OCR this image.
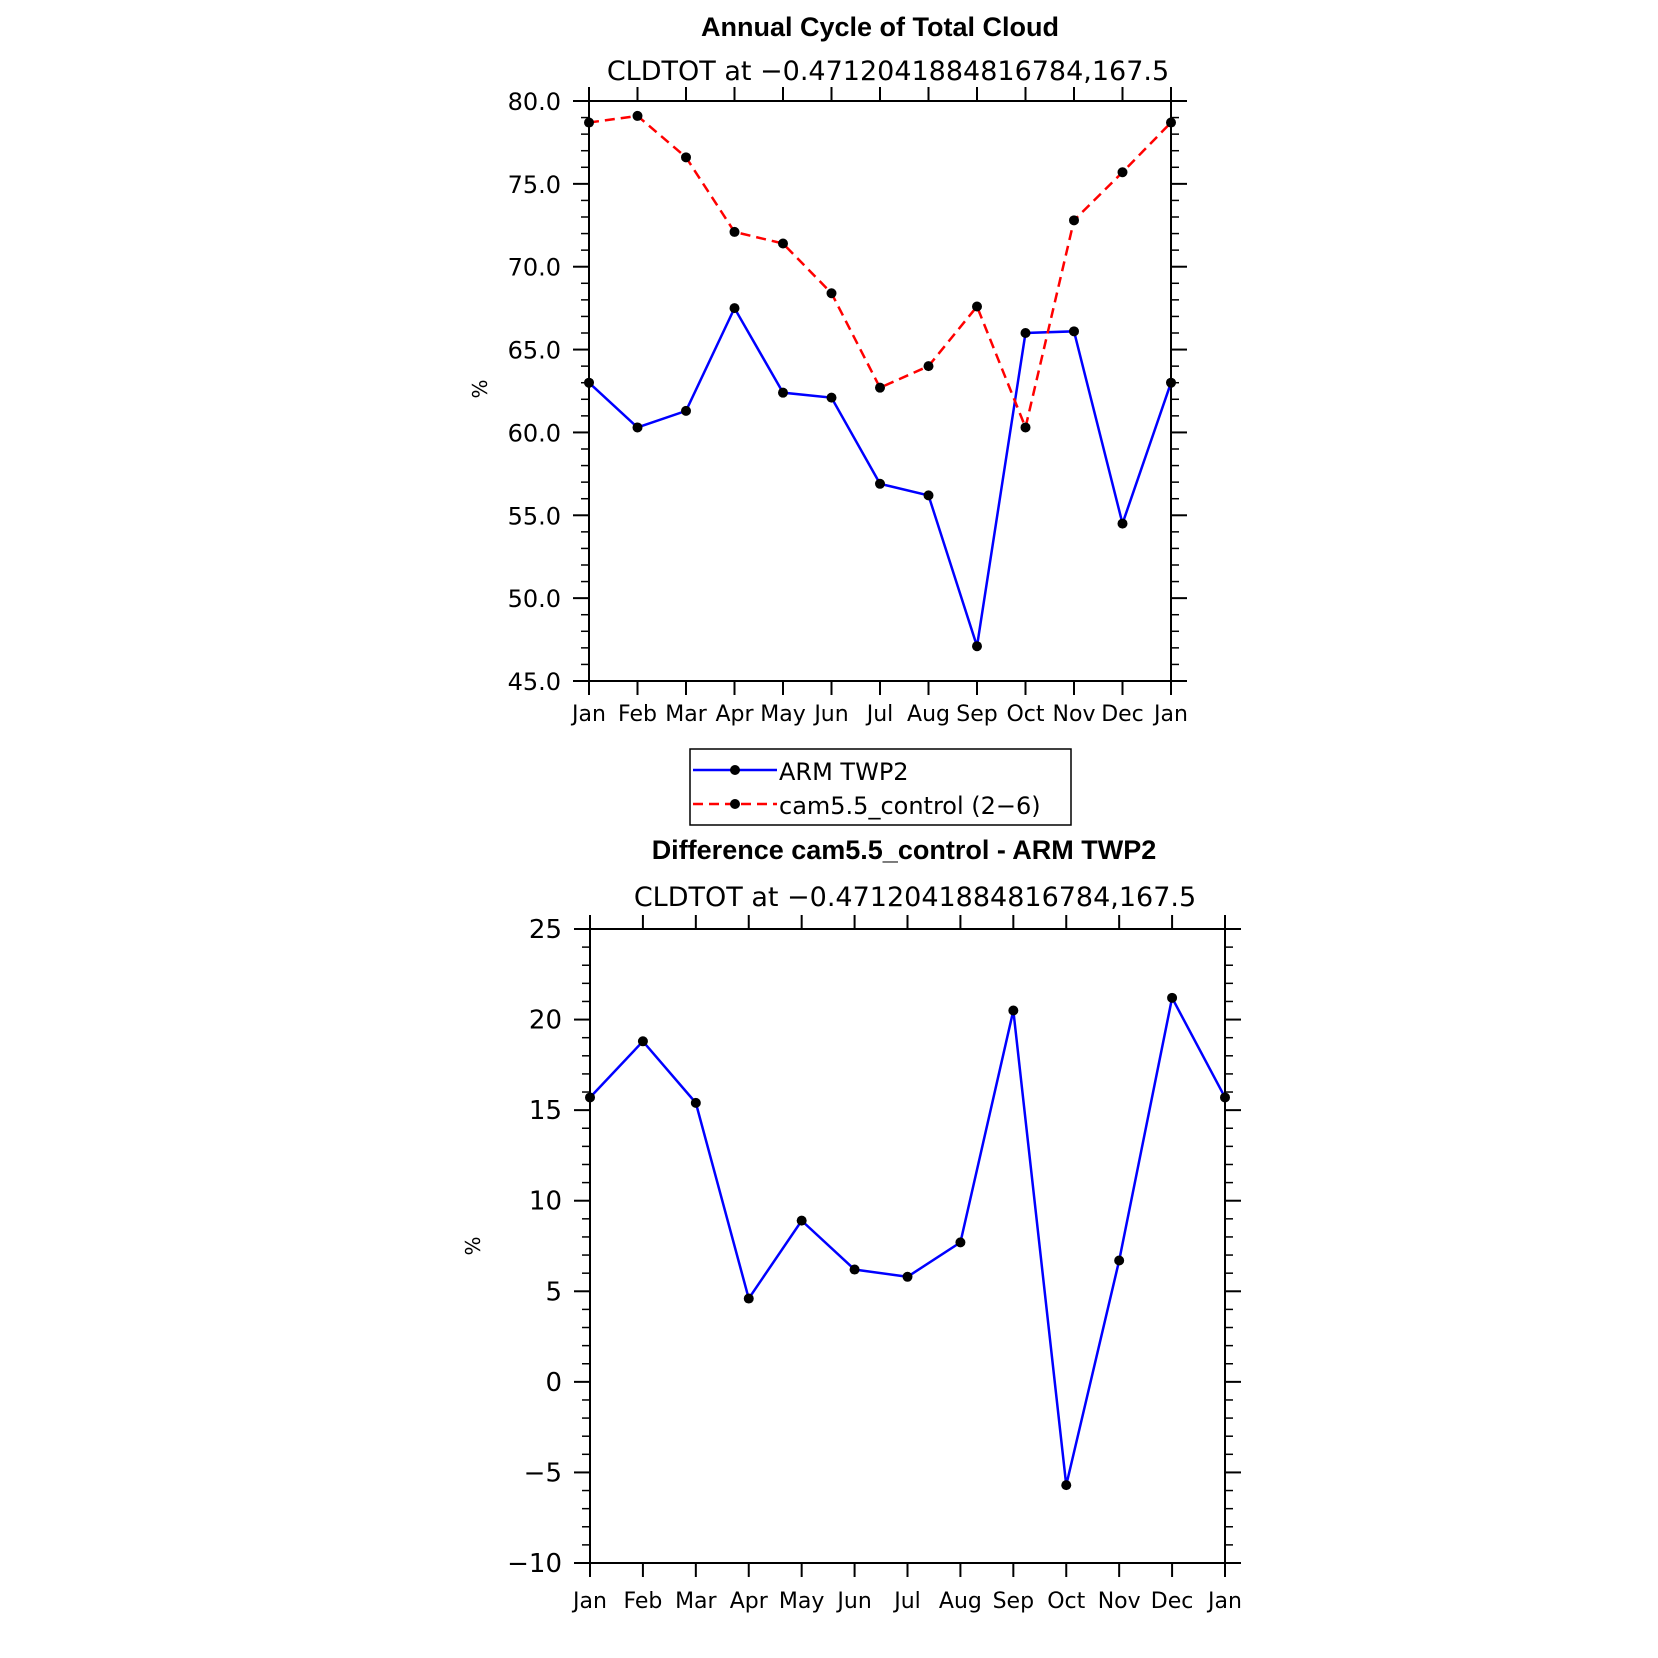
Annual Cycle of Total Cloud
CLDTOT at −0.4712041884816784,167.5
%
45.0
50.0
55.0
60.0
65.0
70.0
75.0
80.0
Jan Feb Mar Apr May Jun Jul Aug Sep Oct Nov Dec Jan
ARM TWP2
cam5.5_control (2−6)
Difference cam5.5_control - ARM TWP2
CLDTOT at −0.4712041884816784,167.5
%
−10
−5
0
5
10
15
20
25
Jan Feb Mar Apr May Jun Jul Aug Sep Oct Nov Dec Jan
